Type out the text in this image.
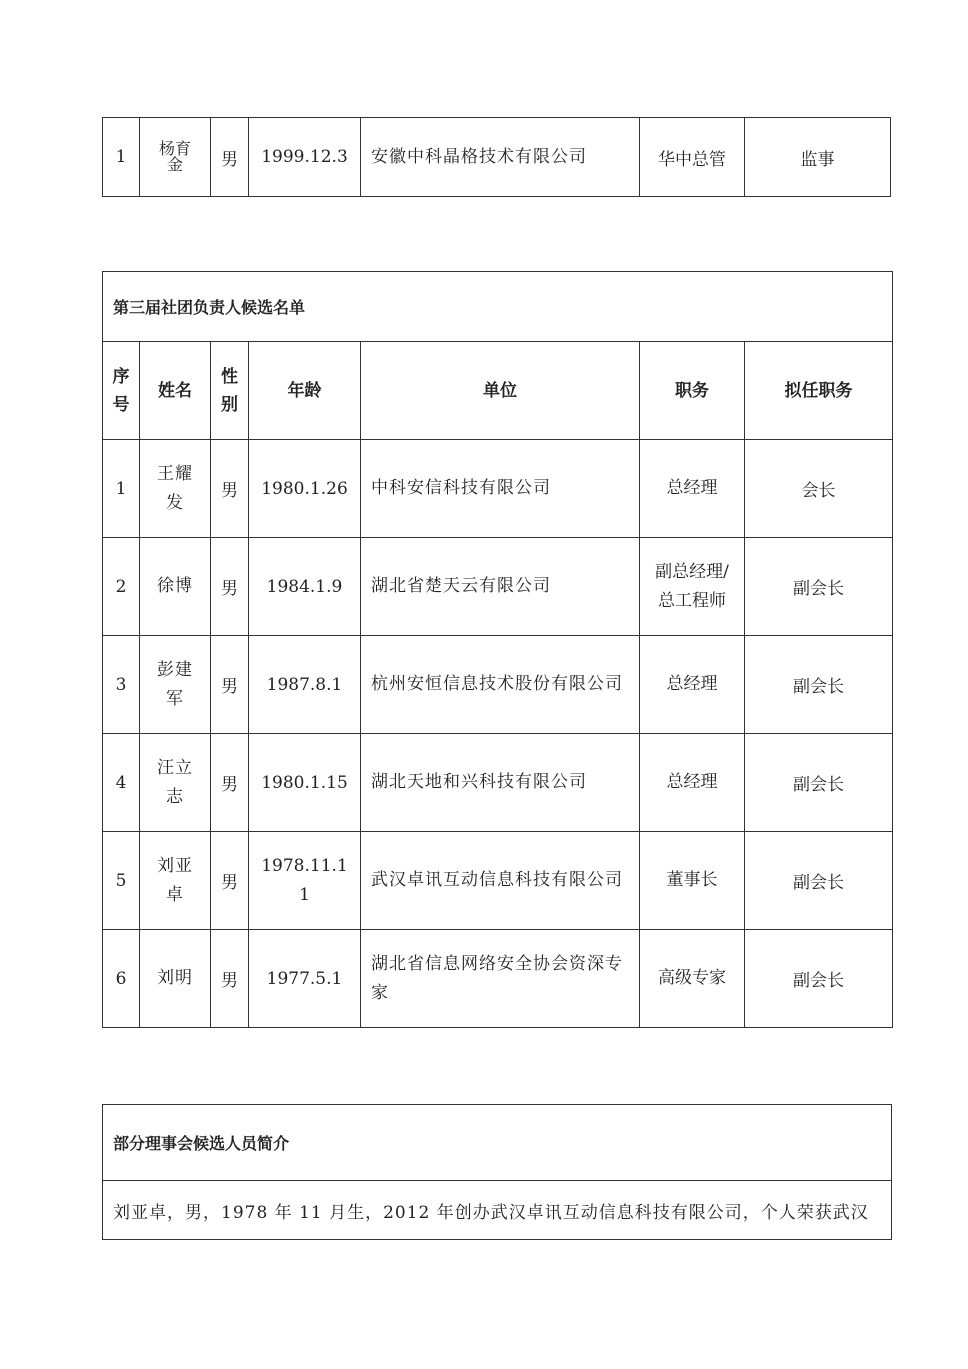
1	杨育金	男	1999.12.3	安徽中科晶格技术有限公司	华中总管	监事
第三届社团负责人候选名单						

序号	姓名	性别	年龄	单位	职务	拟任职务
1	王耀发	男	1980.1.26	中科安信科技有限公司	总经理	会长
2	徐博	男	1984.1.9	湖北省楚天云有限公司	副总经理/总工程师	副会长
3	彭建军	男	1987.8.1	杭州安恒信息技术股份有限公司	总经理	副会长
4	汪立志	男	1980.1.15	湖北天地和兴科技有限公司	总经理	副会长
5	刘亚卓	男	1978.11.11	武汉卓讯互动信息科技有限公司	董事长	副会长
6	刘明	男	1977.5.1	湖北省信息网络安全协会资深专家	高级专家	副会长
部分理事会候选人员简介
刘亚卓，男，1978 年 11 月生，2012 年创办武汉卓讯互动信息科技有限公司，个人荣获武汉
